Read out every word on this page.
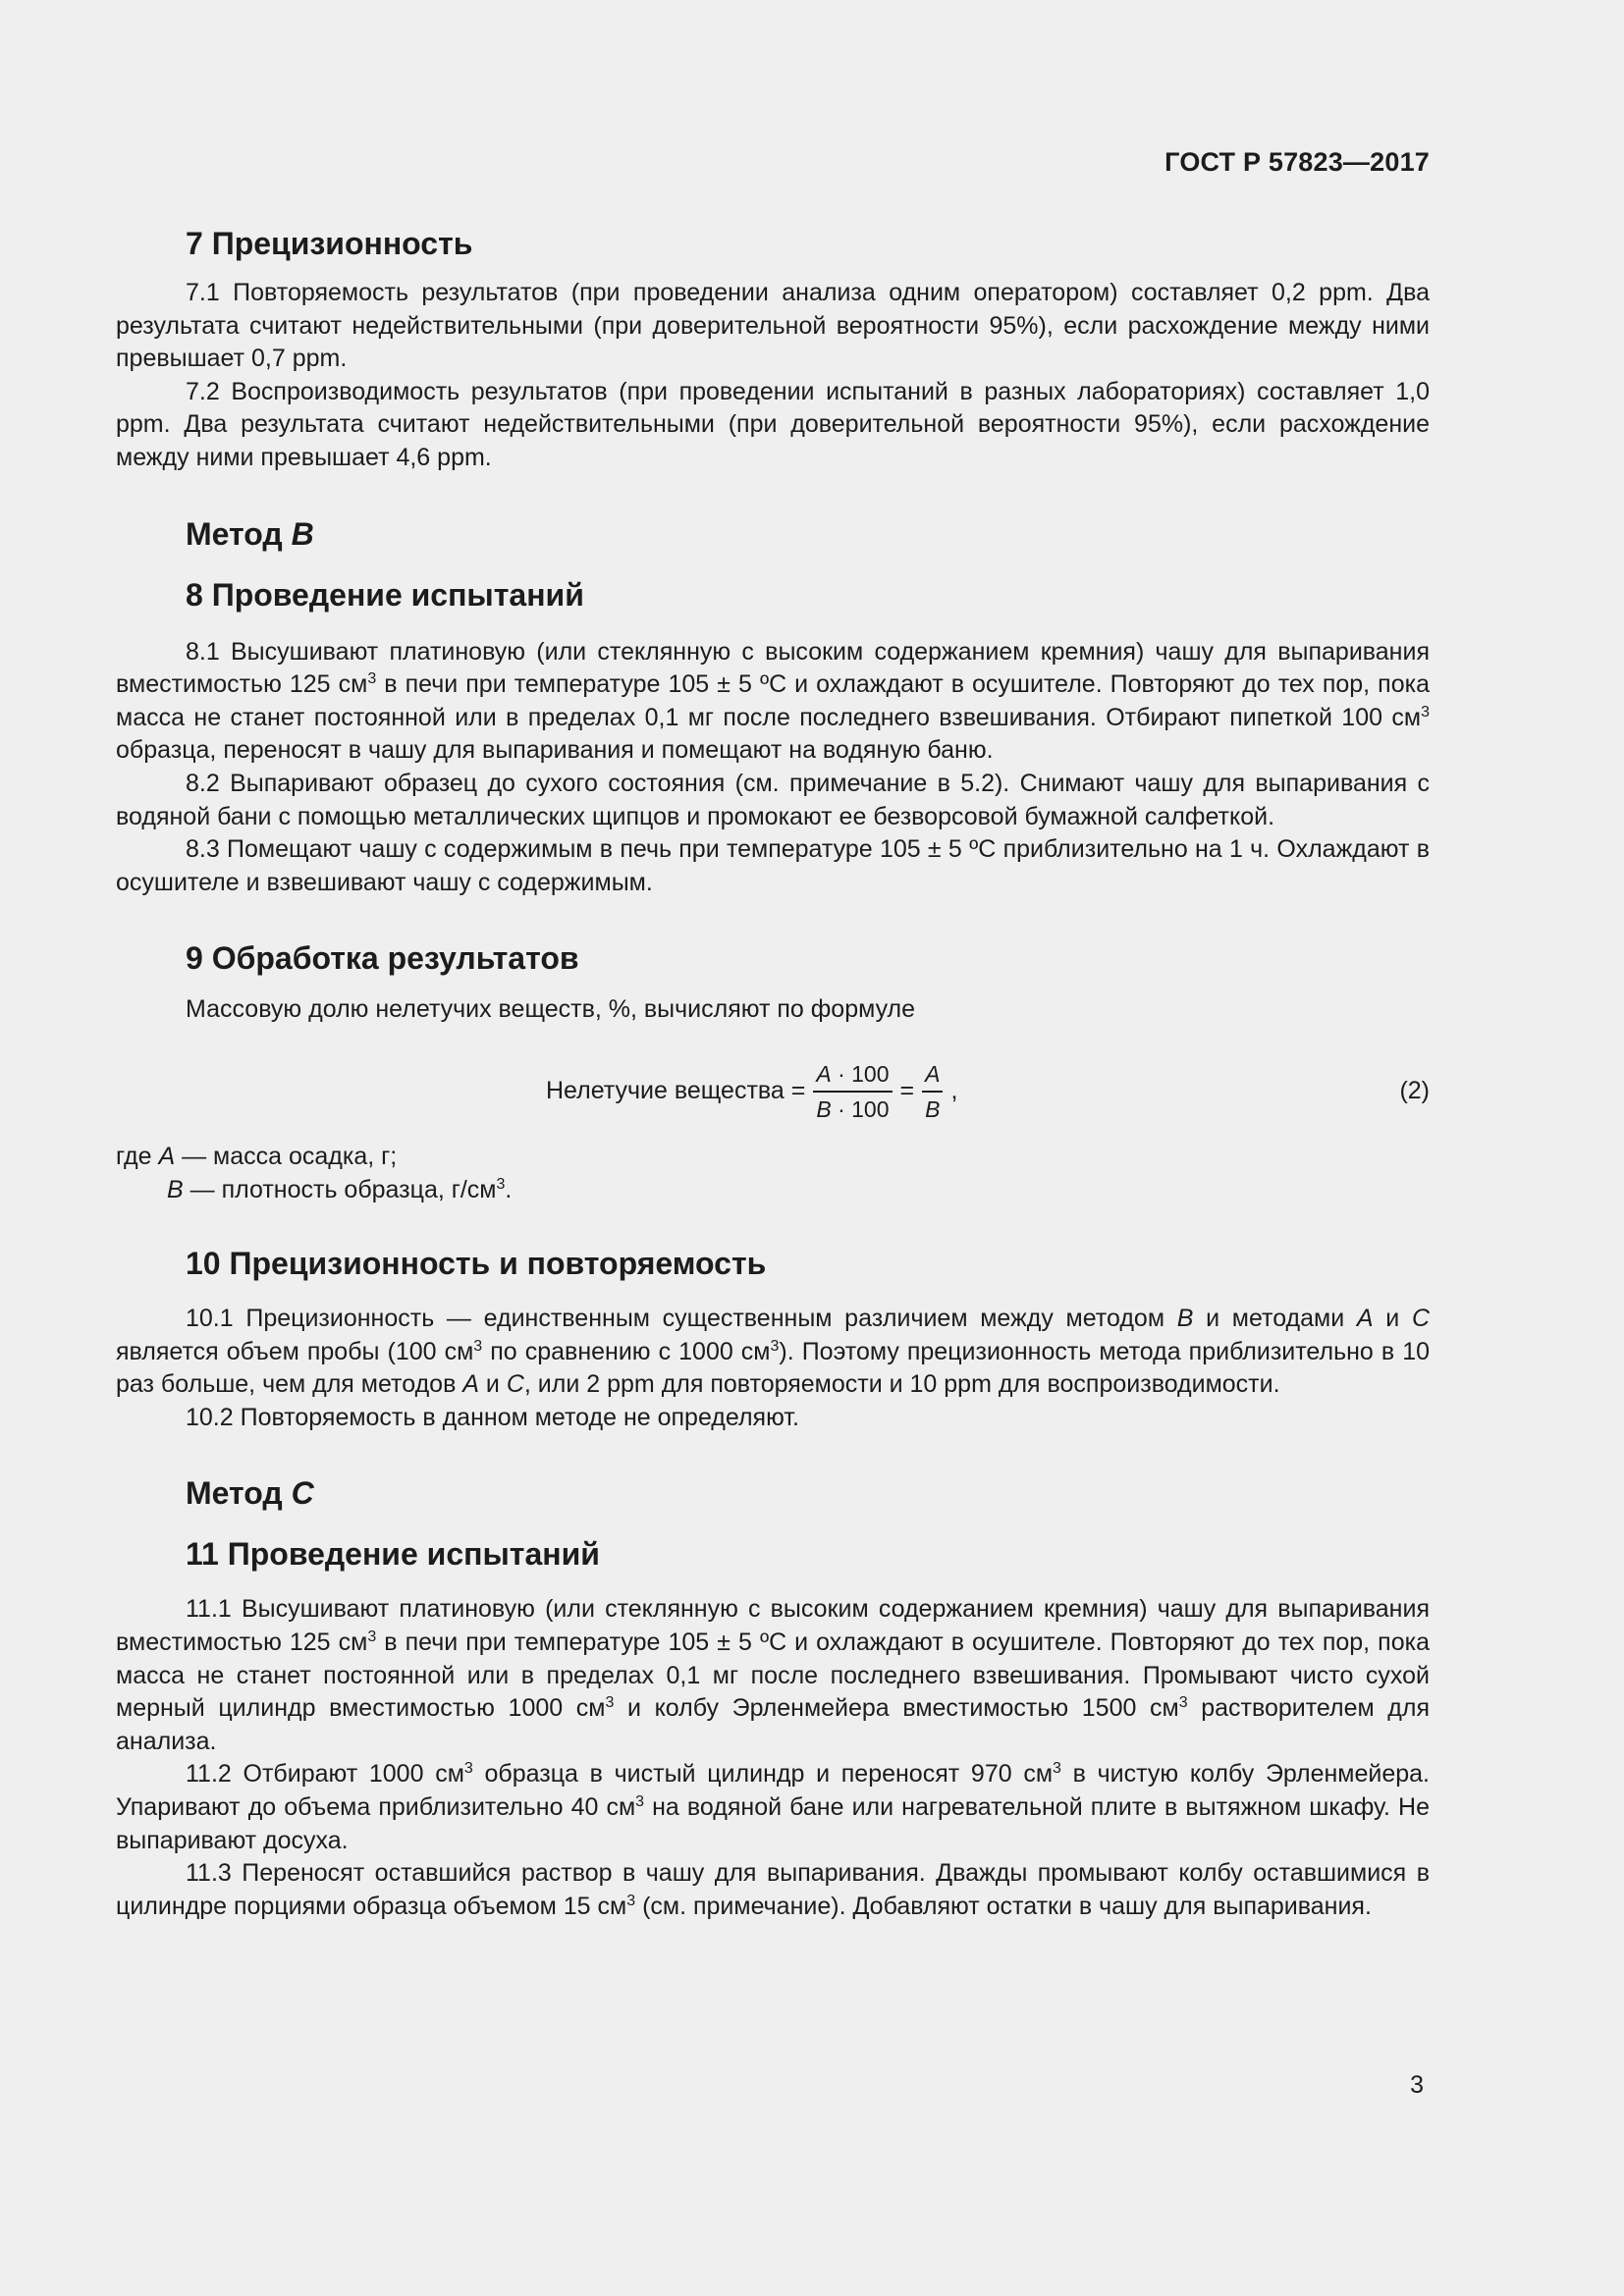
ГОСТ Р 57823—2017
7 Прецизионность

7.1 Повторяемость результатов (при проведении анализа одним оператором) составляет 0,2 ppm. Два результата считают недействительными (при доверительной вероятности 95%), если расхождение между ними превышает 0,7 ppm.

7.2 Воспроизводимость результатов (при проведении испытаний в разных лабораториях) составляет 1,0 ppm. Два результата считают недействительными (при доверительной вероятности 95%), если расхождение между ними превышает 4,6 ppm.

Метод B
8 Проведение испытаний

8.1 Высушивают платиновую (или стеклянную с высоким содержанием кремния) чашу для выпаривания вместимостью 125 $см^3$ в печи при температуре 105 ± 5 ºС и охлаждают в осушителе. Повторяют до тех пор, пока масса не станет постоянной или в пределах 0,1 мг после последнего взвешивания. Отбирают пипеткой 100 $см^3$ образца, переносят в чашу для выпаривания и помещают на водяную баню.

8.2 Выпаривают образец до сухого состояния (см. примечание в 5.2). Снимают чашу для выпаривания с водяной бани с помощью металлических щипцов и промокают ее безворсовой бумажной салфеткой.

8.3 Помещают чашу с содержимым в печь при температуре 105 ± 5 ºС приблизительно на 1 ч. Охлаждают в осушителе и взвешивают чашу с содержимым.

9 Обработка результатов

Массовую долю нелетучих веществ, %, вычисляют по формуле

Нелетучие вещества = $\frac{A \cdot 100}{B \cdot 100} = \frac{A}{B}$ ,	(2)

где A — масса осадка, г;

B — плотность образца, $г/см^3$.

10 Прецизионность и повторяемость

10.1 Прецизионность — единственным существенным различием между методом B и методами A и C является объем пробы (100 $см^3$ по сравнению с 1000 $см^3$). Поэтому прецизионность метода приблизительно в 10 раз больше, чем для методов A и C, или 2 ppm для повторяемости и 10 ppm для воспроизводимости.

10.2 Повторяемость в данном методе не определяют.

Метод C
11 Проведение испытаний

11.1 Высушивают платиновую (или стеклянную с высоким содержанием кремния) чашу для выпаривания вместимостью 125 $см^3$ в печи при температуре 105 ± 5 ºС и охлаждают в осушителе. Повторяют до тех пор, пока масса не станет постоянной или в пределах 0,1 мг после последнего взвешивания. Промывают чисто сухой мерный цилиндр вместимостью 1000 $см^3$ и колбу Эрленмейера вместимостью 1500 $см^3$ растворителем для анализа.

11.2 Отбирают 1000 $см^3$ образца в чистый цилиндр и переносят 970 $см^3$ в чистую колбу Эрленмейера. Упаривают до объема приблизительно 40 $см^3$ на водяной бане или нагревательной плите в вытяжном шкафу. Не выпаривают досуха.

11.3 Переносят оставшийся раствор в чашу для выпаривания. Дважды промывают колбу оставшимися в цилиндре порциями образца объемом 15 $см^3$ (см. примечание). Добавляют остатки в чашу для выпаривания.

3
